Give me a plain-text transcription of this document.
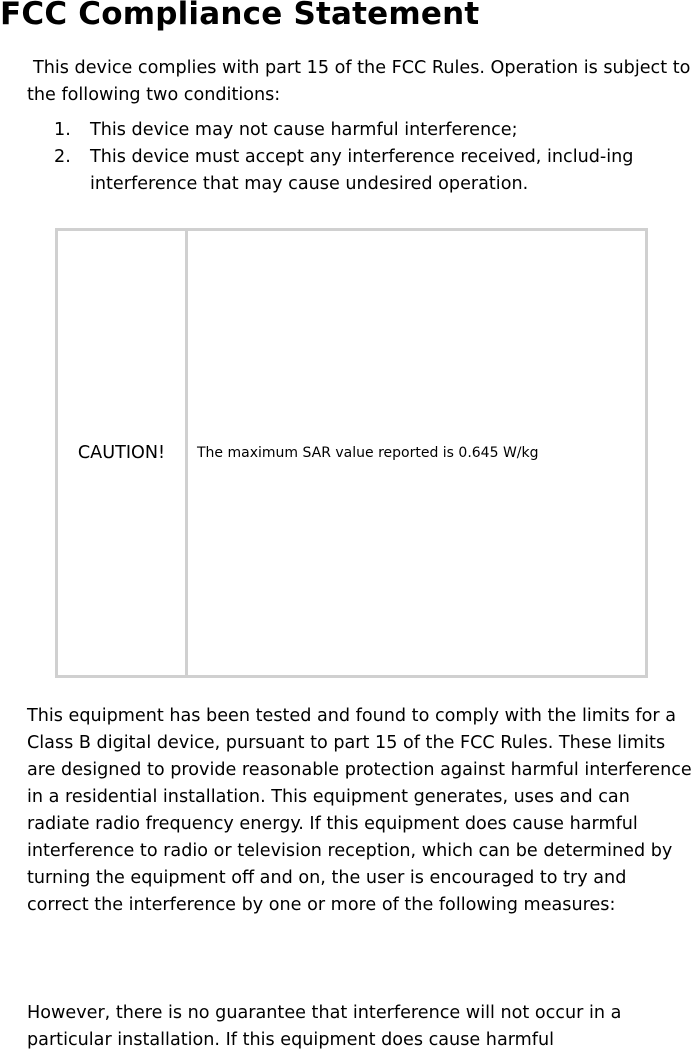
FCC Compliance Statement

This device complies with part 15 of the FCC Rules. Operation is subject to the following two conditions:

1. This device may not cause harmful interference;
2. This device must accept any interference received, includ-ing interference that may cause undesired operation.
CAUTION! The maximum SAR value reported is 0.645 W/kg

This equipment has been tested and found to comply with the limits for a Class B digital device, pursuant to part 15 of the FCC Rules. These limits are designed to provide reasonable protection against harmful interference in a residential installation. This equipment generates, uses and can radiate radio frequency energy. If this equipment does cause harmful interference to radio or television reception, which can be determined by turning the equipment off and on, the user is encouraged to try and correct the interference by one or more of the following measures:

However, there is no guarantee that interference will not occur in a particular installation. If this equipment does cause harmful
